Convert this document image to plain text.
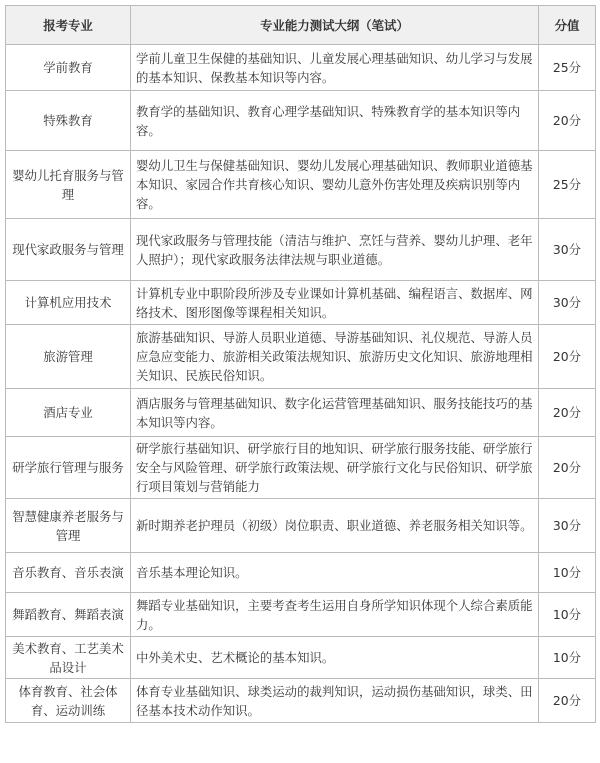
报考专业	专业能力测试大纲（笔试）	分值
学前教育	学前儿童卫生保健的基础知识、儿童发展心理基础知识、幼儿学习与发展的基本知识、保教基本知识等内容。	25分
特殊教育	教育学的基础知识、教育心理学基础知识、特殊教育学的基本知识等内容。	20分
婴幼儿托育服务与管理	婴幼儿卫生与保健基础知识、婴幼儿发展心理基础知识、教师职业道德基本知识、家园合作共育核心知识、婴幼儿意外伤害处理及疾病识别等内容。	25分
现代家政服务与管理	现代家政服务与管理技能（清洁与维护、烹饪与营养、婴幼儿护理、老年人照护）；现代家政服务法律法规与职业道德。	30分
计算机应用技术	计算机专业中职阶段所涉及专业课如计算机基础、编程语言、数据库、网络技术、图形图像等课程相关知识。	30分
旅游管理	旅游基础知识、导游人员职业道德、导游基础知识、礼仪规范、导游人员应急应变能力、旅游相关政策法规知识、旅游历史文化知识、旅游地理相关知识、民族民俗知识。	20分
酒店专业	酒店服务与管理基础知识、数字化运营管理基础知识、服务技能技巧的基本知识等内容。	20分
研学旅行管理与服务	研学旅行基础知识、研学旅行目的地知识、研学旅行服务技能、研学旅行安全与风险管理、研学旅行政策法规、研学旅行文化与民俗知识、研学旅行项目策划与营销能力	20分
智慧健康养老服务与管理	新时期养老护理员（初级）岗位职责、职业道德、养老服务相关知识等。	30分
音乐教育、音乐表演	音乐基本理论知识。	10分
舞蹈教育、舞蹈表演	舞蹈专业基础知识，主要考查考生运用自身所学知识体现个人综合素质能力。	10分
美术教育、工艺美术品设计	中外美术史、艺术概论的基本知识。	10分
体育教育、社会体育、运动训练	体育专业基础知识、球类运动的裁判知识，运动损伤基础知识，球类、田径基本技术动作知识。	20分
